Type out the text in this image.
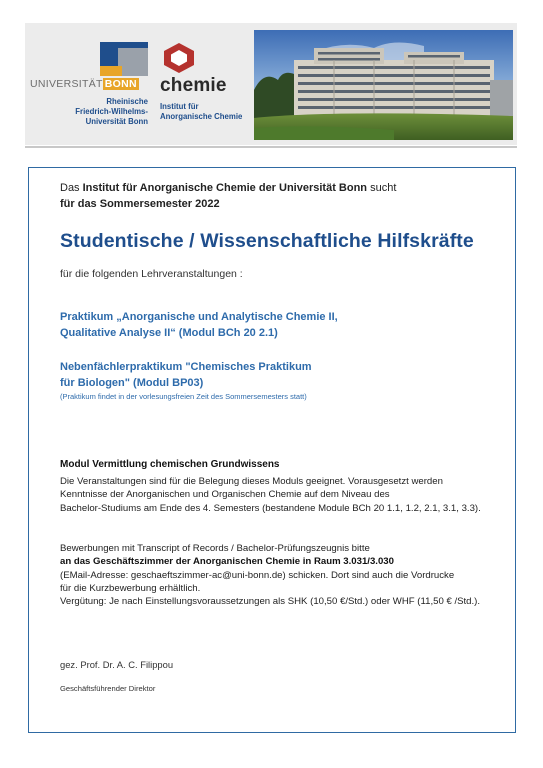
UNIVERSITÄT BONN
Rheinische
Friedrich-Wilhelms-
Universität Bonn
chemie
Institut für
Anorganische Chemie
Das Institut für Anorganische Chemie der Universität Bonn sucht
für das Sommersemester 2022
Studentische / Wissenschaftliche Hilfskräfte
für die folgenden Lehrveranstaltungen :
Praktikum „Anorganische und Analytische Chemie II,
Qualitative Analyse II“ (Modul BCh 20 2.1)
Nebenfächlerpraktikum "Chemisches Praktikum
für Biologen" (Modul BP03)
(Praktikum findet in der vorlesungsfreien Zeit des Sommersemesters statt)
Modul Vermittlung chemischen Grundwissens
Die Veranstaltungen sind für die Belegung dieses Moduls geeignet. Vorausgesetzt werden
Kenntnisse der Anorganischen und Organischen Chemie auf dem Niveau des
Bachelor-Studiums am Ende des 4. Semesters (bestandene Module BCh 20 1.1, 1.2, 2.1, 3.1, 3.3).
Bewerbungen mit Transcript of Records / Bachelor-Prüfungszeugnis bitte
an das Geschäftszimmer der Anorganischen Chemie in Raum 3.031/3.030
(EMail-Adresse: geschaeftszimmer-ac@uni-bonn.de) schicken. Dort sind auch die Vordrucke
für die Kurzbewerbung erhältlich.
Vergütung: Je nach Einstellungsvoraussetzungen als SHK (10,50 €/Std.) oder WHF (11,50 € /Std.).
gez. Prof. Dr. A. C. Filippou
Geschäftsführender Direktor
